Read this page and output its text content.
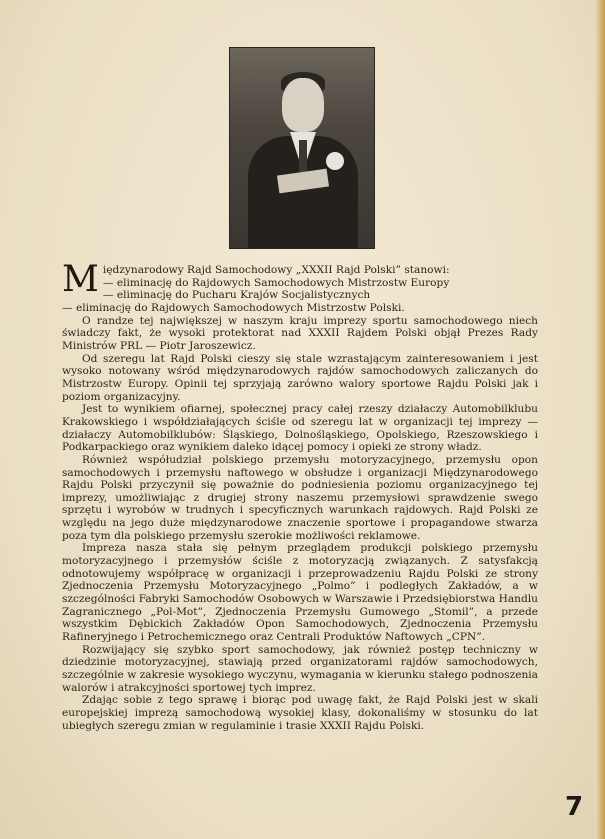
Międzynarodowy Rajd Samochodowy „XXXII Rajd Polski” stanowi:

— eliminację do Rajdowych Samochodowych Mistrzostw Europy

— eliminację do Pucharu Krajów Socjalistycznych

— eliminację do Rajdowych Samochodowych Mistrzostw Polski.

O randze tej największej w naszym kraju imprezy sportu samochodowego niech świadczy fakt, że wysoki protektorat nad XXXII Rajdem Polski objął Prezes Rady Ministrów PRL — Piotr Jaroszewicz.

Od szeregu lat Rajd Polski cieszy się stale wzrastającym zainteresowaniem i jest wysoko notowany wśród międzynarodowych rajdów samochodowych zaliczanych do Mistrzostw Europy. Opinii tej sprzyjają zarówno walory sportowe Rajdu Polski jak i poziom organizacyjny.

Jest to wynikiem ofiarnej, społecznej pracy całej rzeszy działaczy Automobilklubu Krakowskiego i współdziałających ściśle od szeregu lat w organizacji tej imprezy — działaczy Automobilklubów: Śląskiego, Dolnośląskiego, Opolskiego, Rzeszowskiego i Podkarpackiego oraz wynikiem daleko idącej pomocy i opieki ze strony władz.

Również współudział polskiego przemysłu motoryzacyjnego, przemysłu opon samochodowych i przemysłu naftowego w obsłudze i organizacji Międzynarodowego Rajdu Polski przyczynił się poważnie do podniesienia poziomu organizacyjnego tej imprezy, umożliwiając z drugiej strony naszemu przemysłowi sprawdzenie swego sprzętu i wyrobów w trudnych i specyficznych warunkach rajdowych. Rajd Polski ze względu na jego duże międzynarodowe znaczenie sportowe i propagandowe stwarza poza tym dla polskiego przemysłu szerokie możliwości reklamowe.

Impreza nasza stała się pełnym przeglądem produkcji polskiego przemysłu motoryzacyjnego i przemysłów ściśle z motoryzacją związanych. Z satysfakcją odnotowujemy współpracę w organizacji i przeprowadzeniu Rajdu Polski ze strony Zjednoczenia Przemysłu Motoryzacyjnego „Polmo” i podległych Zakładów, a w szczególności Fabryki Samochodów Osobowych w Warszawie i Przedsiębiorstwa Handlu Zagranicznego „Pol-Mot”, Zjednoczenia Przemysłu Gumowego „Stomil”, a przede wszystkim Dębickich Zakładów Opon Samochodowych, Zjednoczenia Przemysłu Rafineryjnego i Petrochemicznego oraz Centrali Produktów Naftowych „CPN”.

Rozwijający się szybko sport samochodowy, jak również postęp techniczny w dziedzinie motoryzacyjnej, stawiają przed organizatorami rajdów samochodowych, szczególnie w zakresie wysokiego wyczynu, wymagania w kierunku stałego podnoszenia walorów i atrakcyjności sportowej tych imprez.

Zdając sobie z tego sprawę i biorąc pod uwagę fakt, że Rajd Polski jest w skali europejskiej imprezą samochodową wysokiej klasy, dokonaliśmy w stosunku do lat ubiegłych szeregu zmian w regulaminie i trasie XXXII Rajdu Polski.

7
